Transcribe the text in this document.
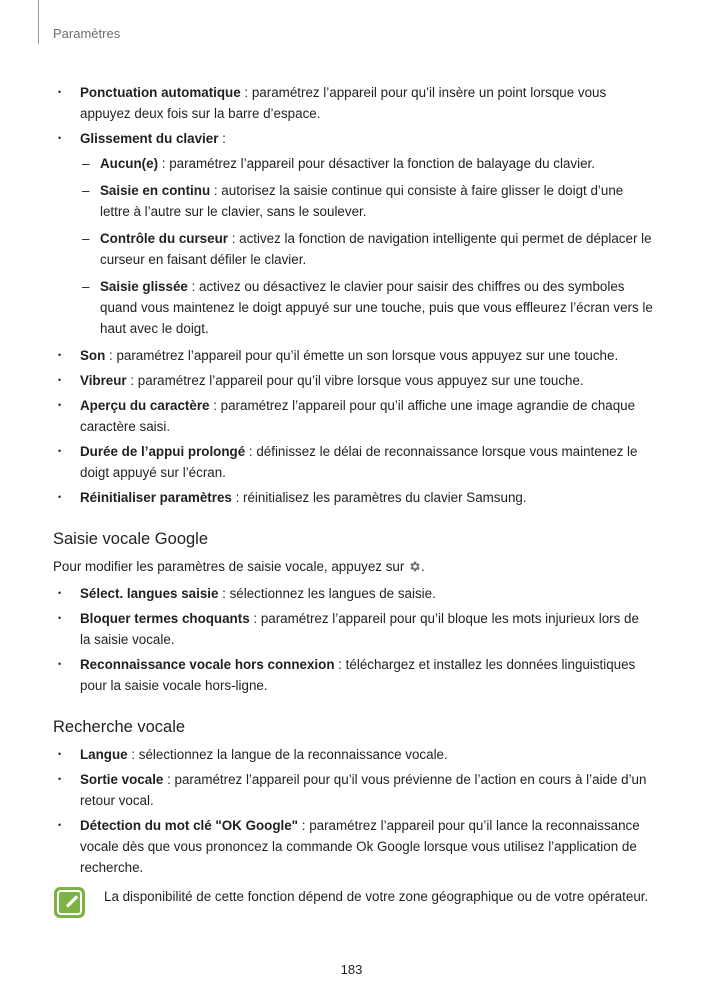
Paramètres
• Ponctuation automatique : paramétrez l’appareil pour qu’il insère un point lorsque vous appuyez deux fois sur la barre d’espace.
• Glissement du clavier :
– Aucun(e) : paramétrez l’appareil pour désactiver la fonction de balayage du clavier.
– Saisie en continu : autorisez la saisie continue qui consiste à faire glisser le doigt d’une lettre à l’autre sur le clavier, sans le soulever.
– Contrôle du curseur : activez la fonction de navigation intelligente qui permet de déplacer le curseur en faisant défiler le clavier.
– Saisie glissée : activez ou désactivez le clavier pour saisir des chiffres ou des symboles quand vous maintenez le doigt appuyé sur une touche, puis que vous effleurez l’écran vers le haut avec le doigt.
• Son : paramétrez l’appareil pour qu’il émette un son lorsque vous appuyez sur une touche.
• Vibreur : paramétrez l’appareil pour qu’il vibre lorsque vous appuyez sur une touche.
• Aperçu du caractère : paramétrez l’appareil pour qu’il affiche une image agrandie de chaque caractère saisi.
• Durée de l’appui prolongé : définissez le délai de reconnaissance lorsque vous maintenez le doigt appuyé sur l’écran.
• Réinitialiser paramètres : réinitialisez les paramètres du clavier Samsung.
Saisie vocale Google
Pour modifier les paramètres de saisie vocale, appuyez sur .
• Sélect. langues saisie : sélectionnez les langues de saisie.
• Bloquer termes choquants : paramétrez l’appareil pour qu’il bloque les mots injurieux lors de la saisie vocale.
• Reconnaissance vocale hors connexion : téléchargez et installez les données linguistiques pour la saisie vocale hors-ligne.
Recherche vocale
• Langue : sélectionnez la langue de la reconnaissance vocale.
• Sortie vocale : paramétrez l’appareil pour qu’il vous prévienne de l’action en cours à l’aide d’un retour vocal.
• Détection du mot clé "OK Google" : paramétrez l’appareil pour qu’il lance la reconnaissance vocale dès que vous prononcez la commande Ok Google lorsque vous utilisez l’application de recherche.
La disponibilité de cette fonction dépend de votre zone géographique ou de votre opérateur.
183
